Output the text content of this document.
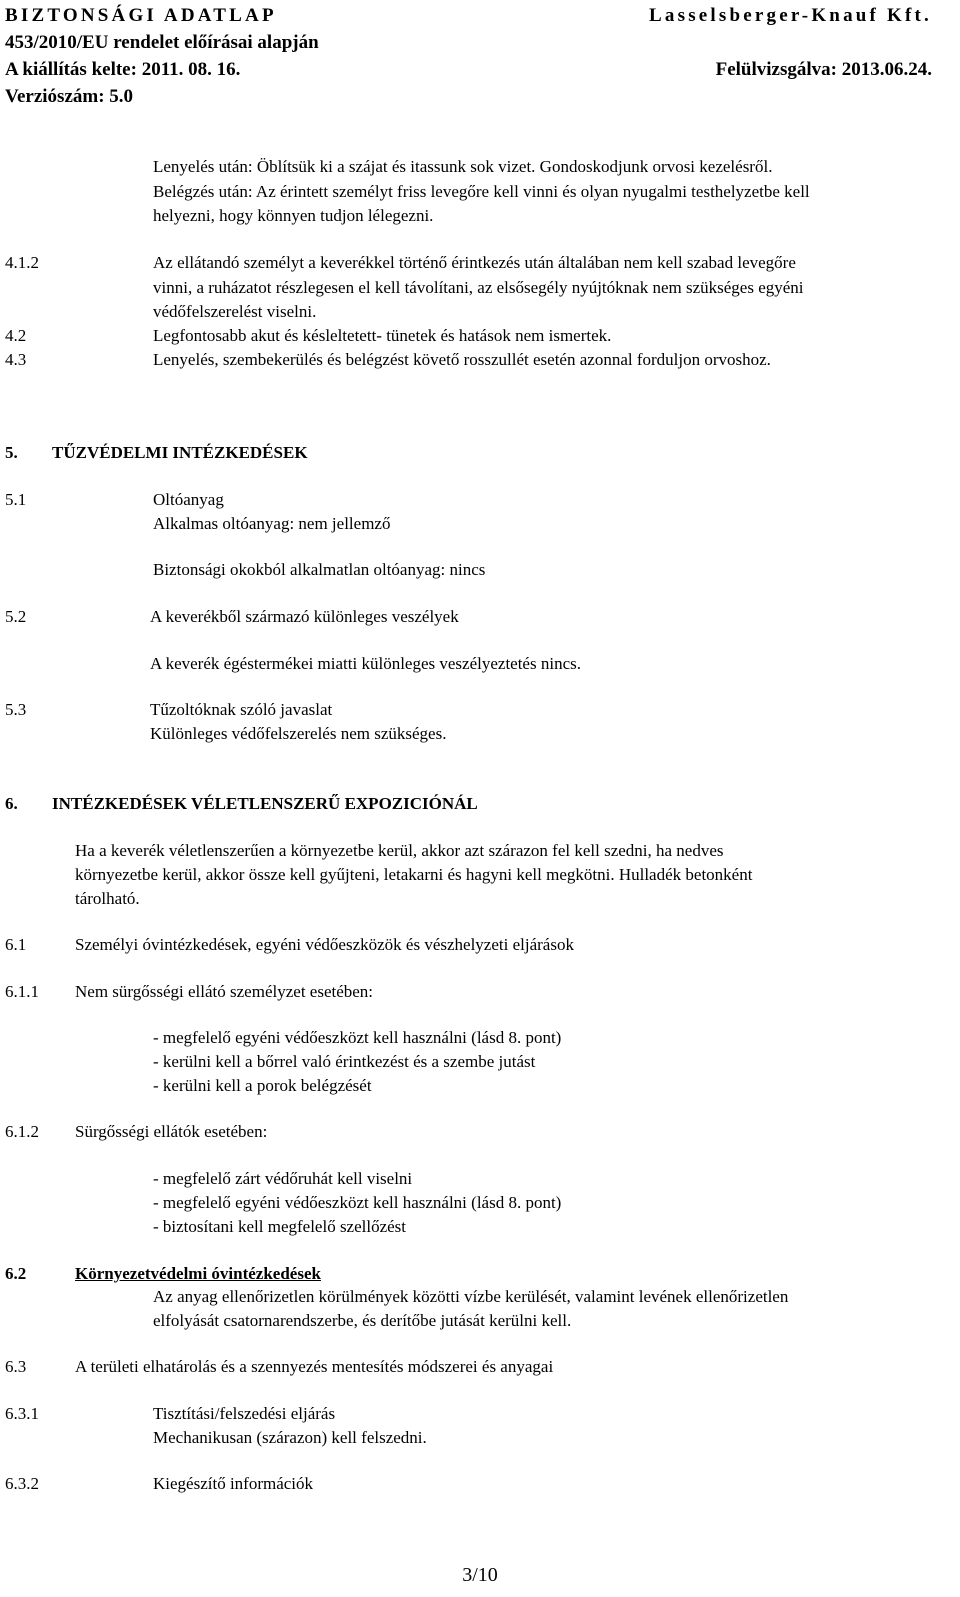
BIZTONSÁGI ADATLAP	Lasselsberger-Knauf Kft.
453/2010/EU rendelet előírásai alapján
A kiállítás kelte: 2011. 08. 16.	Felülvizsgálva: 2013.06.24.
Verziószám: 5.0
Lenyelés után: Öblítsük ki a szájat és itassunk sok vizet. Gondoskodjunk orvosi kezelésről.
Belégzés után: Az érintett személyt friss levegőre kell vinni és olyan nyugalmi testhelyzetbe kell
helyezni, hogy könnyen tudjon lélegezni.
4.1.2	Az ellátandó személyt a keverékkel történő érintkezés után általában nem kell szabad levegőre
vinni, a ruházatot részlegesen el kell távolítani, az elsősegély nyújtóknak nem szükséges egyéni
védőfelszerelést viselni.
4.2	Legfontosabb akut és késleltetett- tünetek és hatások nem ismertek.
4.3	Lenyelés, szembekerülés és belégzést követő rosszullét esetén azonnal forduljon orvoshoz.
5. TŰZVÉDELMI INTÉZKEDÉSEK
5.1	Oltóanyag
Alkalmas oltóanyag: nem jellemző
Biztonsági okokból alkalmatlan oltóanyag: nincs
5.2	A keverékből származó különleges veszélyek
A keverék égéstermékei miatti különleges veszélyeztetés nincs.
5.3	Tűzoltóknak szóló javaslat
Különleges védőfelszerelés nem szükséges.
6. INTÉZKEDÉSEK VÉLETLENSZERŰ EXPOZICIÓNÁL
Ha a keverék véletlenszerűen a környezetbe kerül, akkor azt szárazon fel kell szedni, ha nedves
környezetbe kerül, akkor össze kell gyűjteni, letakarni és hagyni kell megkötni. Hulladék betonként
tárolható.
6.1	Személyi óvintézkedések, egyéni védőeszközök és vészhelyzeti eljárások
6.1.1 Nem sürgősségi ellátó személyzet esetében:
- megfelelő egyéni védőeszközt kell használni (lásd 8. pont)
- kerülni kell a bőrrel való érintkezést és a szembe jutást
- kerülni kell a porok belégzését
6.1.2 Sürgősségi ellátók esetében:
- megfelelő zárt védőruhát kell viselni
- megfelelő egyéni védőeszközt kell használni (lásd 8. pont)
- biztosítani kell megfelelő szellőzést
6.2	Környezetvédelmi óvintézkedések
Az anyag ellenőrizetlen körülmények közötti vízbe kerülését, valamint levének ellenőrizetlen
elfolyását csatornarendszerbe, és derítőbe jutását kerülni kell.
6.3	A területi elhatárolás és a szennyezés mentesítés módszerei és anyagai
6.3.1	Tisztítási/felszedési eljárás
Mechanikusan (szárazon) kell felszedni.
6.3.2	Kiegészítő információk
3/10
